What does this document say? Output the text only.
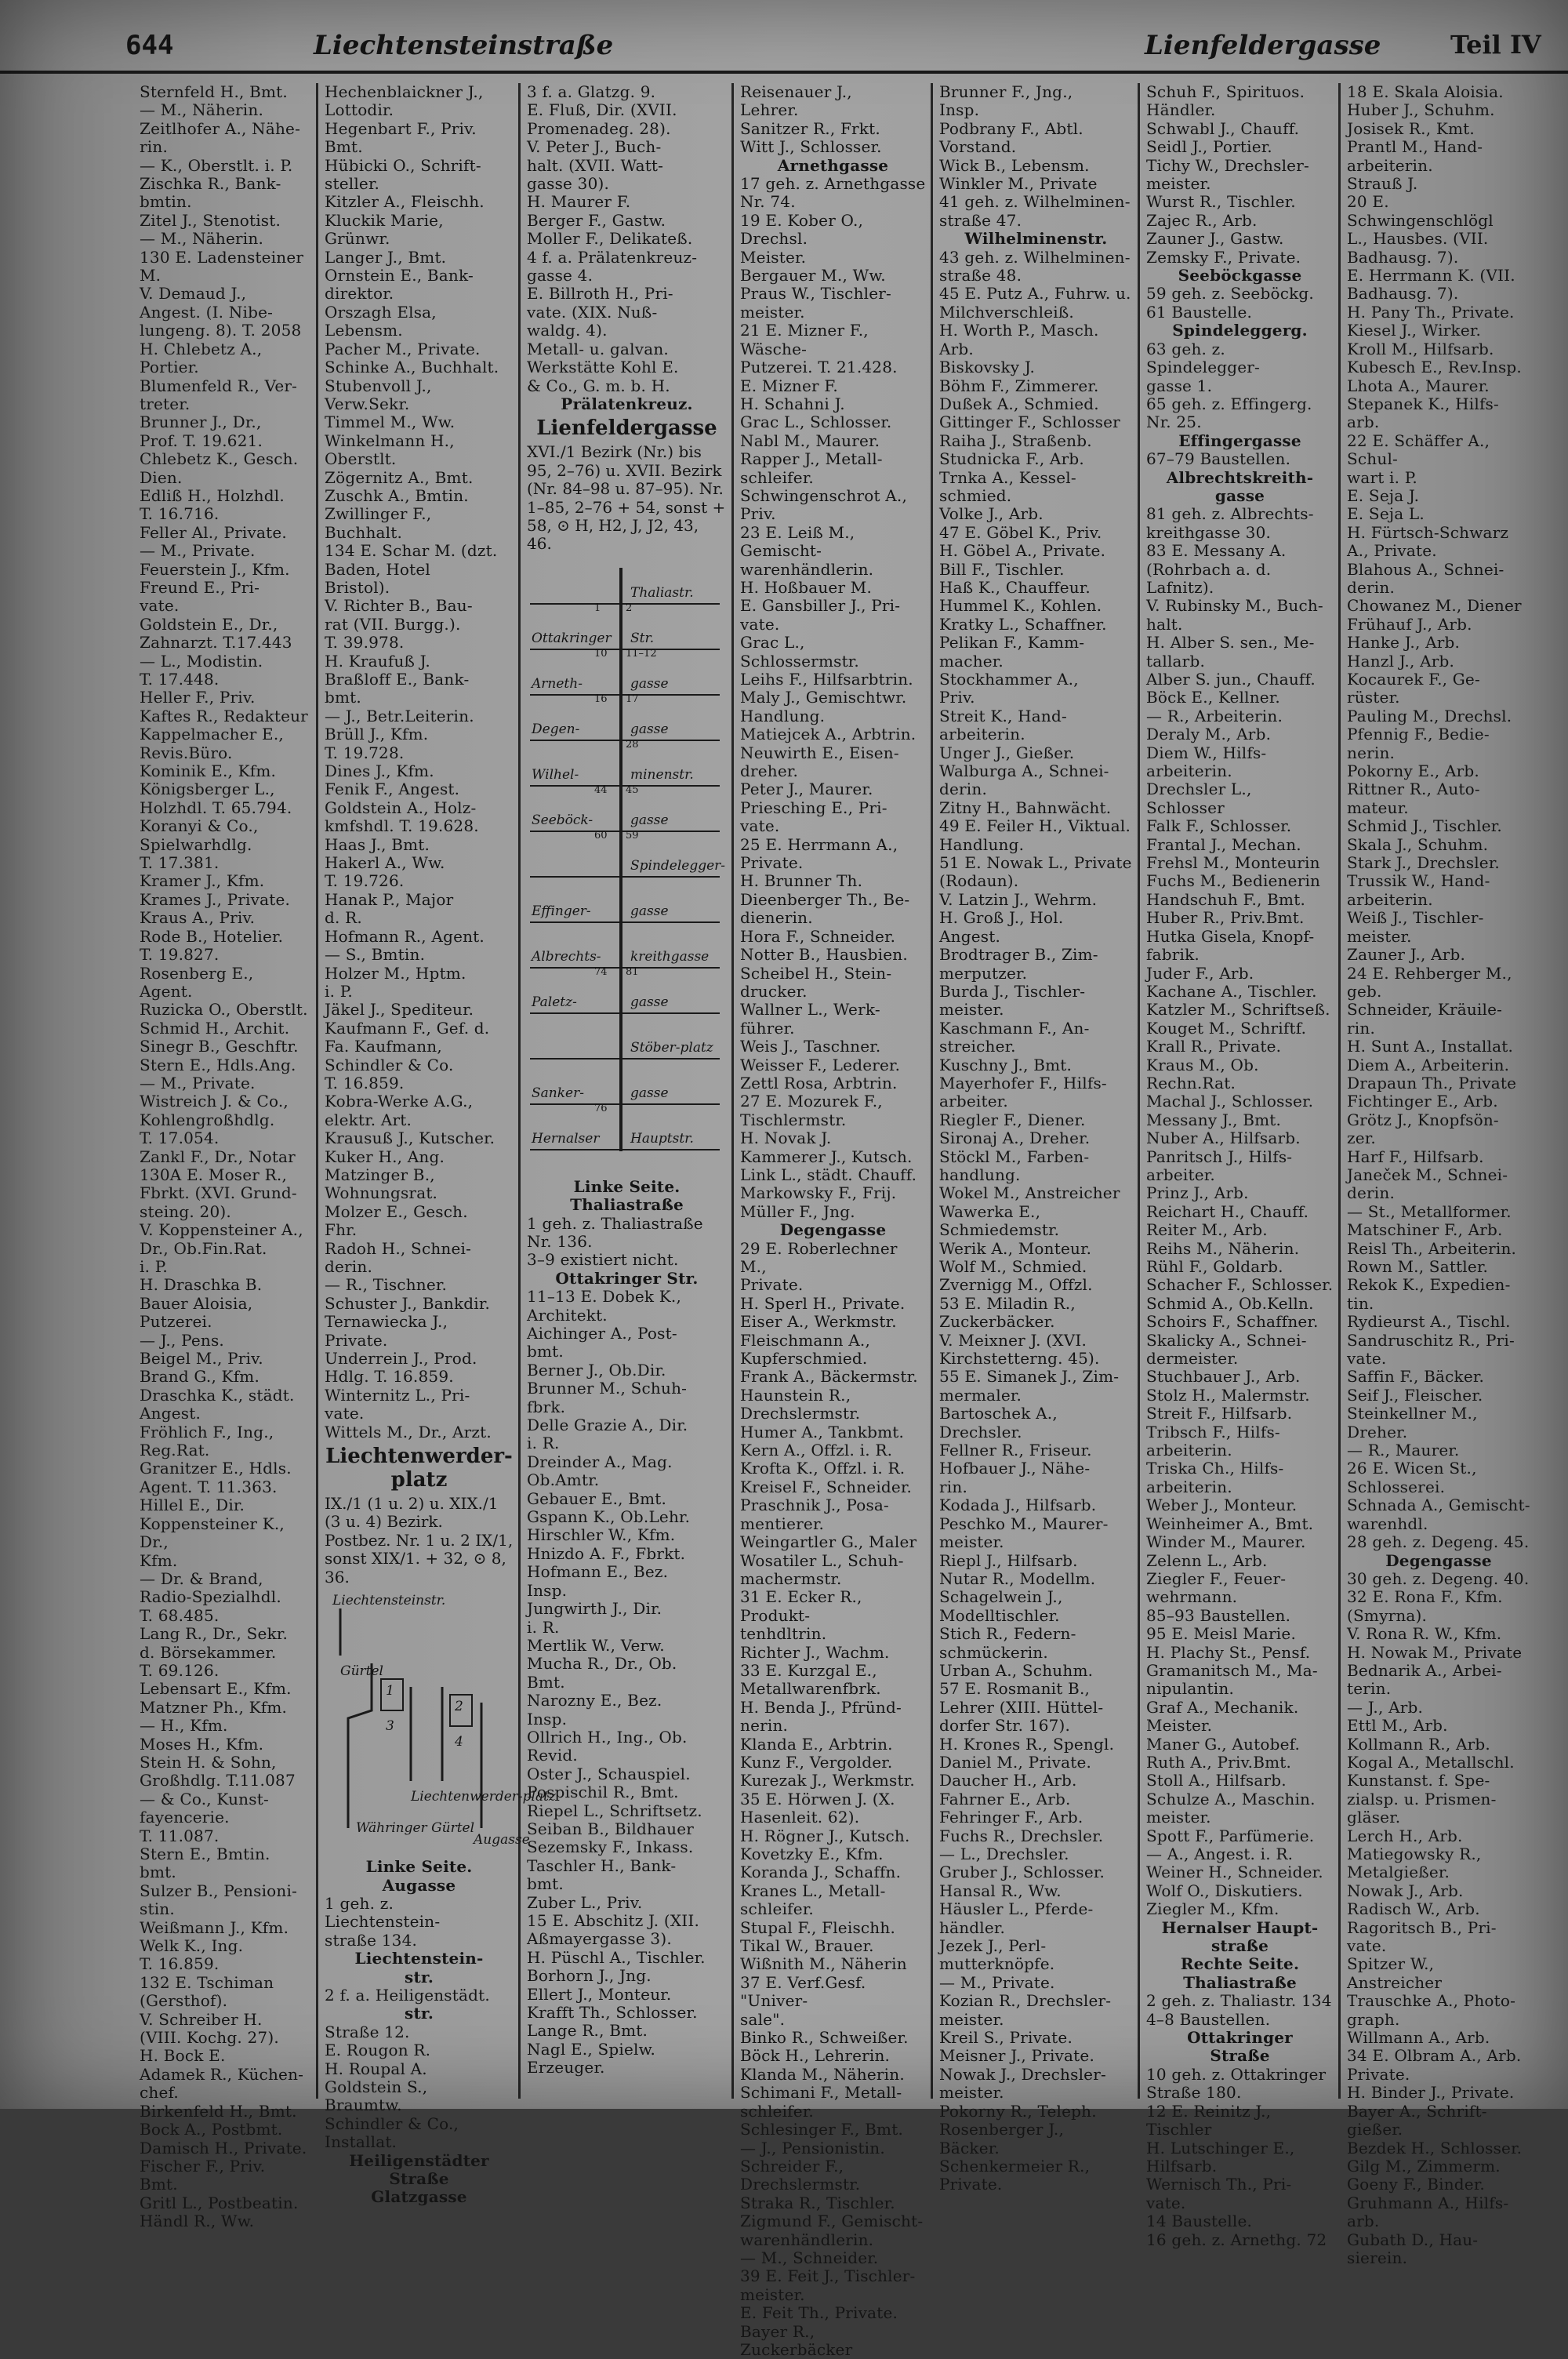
644	Liechtensteinstraße	Lienfeldergasse	Teil IV

Sternfeld H., Bmt.

— M., Näherin.

Zeitlhofer A., Nähe-

rin.

— K., Oberstlt. i. P.

Zischka R., Bank-

bmtin.

Zitel J., Stenotist.

— M., Näherin.

130 E. Ladensteiner M.

V. Demaud J.,

Angest. (I. Nibe-

lungeng. 8). T. 2058

H. Chlebetz A.,

Portier.

Blumenfeld R., Ver-

treter.

Brunner J., Dr.,

Prof. T. 19.621.

Chlebetz K., Gesch.

Dien.

Edliß H., Holzhdl.

T. 16.716.

Feller Al., Private.

— M., Private.

Feuerstein J., Kfm.

Freund E., Pri-

vate.

Goldstein E., Dr.,

Zahnarzt. T.17.443

— L., Modistin.

T. 17.448.

Heller F., Priv.

Kaftes R., Redakteur

Kappelmacher E.,

Revis.Büro.

Kominik E., Kfm.

Königsberger L.,

Holzhdl. T. 65.794.

Koranyi & Co.,

Spielwarhdlg.

T. 17.381.

Kramer J., Kfm.

Krames J., Private.

Kraus A., Priv.

Rode B., Hotelier.

T. 19.827.

Rosenberg E., Agent.

Ruzicka O., Oberstlt.

Schmid H., Archit.

Sinegr B., Geschftr.

Stern E., Hdls.Ang.

— M., Private.

Wistreich J. & Co.,

Kohlengroßhdlg.

T. 17.054.

Zankl F., Dr., Notar

130A E. Moser R.,

Fbrkt. (XVI. Grund-

steing. 20).

V. Koppensteiner A.,

Dr., Ob.Fin.Rat.

i. P.

H. Draschka B.

Bauer Aloisia,

Putzerei.

— J., Pens.

Beigel M., Priv.

Brand G., Kfm.

Draschka K., städt.

Angest.

Fröhlich F., Ing.,

Reg.Rat.

Granitzer E., Hdls.

Agent. T. 11.363.

Hillel E., Dir.

Koppensteiner K., Dr.,

Kfm.

— Dr. & Brand,

Radio-Spezialhdl.

T. 68.485.

Lang R., Dr., Sekr.

d. Börsekammer.

T. 69.126.

Lebensart E., Kfm.

Matzner Ph., Kfm.

— H., Kfm.

Moses H., Kfm.

Stein H. & Sohn,

Großhdlg. T.11.087

— & Co., Kunst-

fayencerie.

T. 11.087.

Stern E., Bmtin.

bmt.

Sulzer B., Pensioni-

stin.

Weißmann J., Kfm.

Welk K., Ing.

T. 16.859.

132 E. Tschiman

(Gersthof).

V. Schreiber H.

(VIII. Kochg. 27).

H. Bock E.

Adamek R., Küchen-

chef.

Birkenfeld H., Bmt.

Bock A., Postbmt.

Damisch H., Private.

Fischer F., Priv.

Bmt.

Gritl L., Postbeatin.

Händl R., Ww.

Hechenblaickner J.,

Lottodir.

Hegenbart F., Priv.

Bmt.

Hübicki O., Schrift-

steller.

Kitzler A., Fleischh.

Kluckik Marie,

Grünwr.

Langer J., Bmt.

Ornstein E., Bank-

direktor.

Orszagh Elsa,

Lebensm.

Pacher M., Private.

Schinke A., Buchhalt.

Stubenvoll J.,

Verw.Sekr.

Timmel M., Ww.

Winkelmann H.,

Oberstlt.

Zögernitz A., Bmt.

Zuschk A., Bmtin.

Zwillinger F.,

Buchhalt.

134 E. Schar M. (dzt.

Baden, Hotel

Bristol).

V. Richter B., Bau-

rat (VII. Burgg.).

T. 39.978.

H. Kraufuß J.

Braßloff E., Bank-

bmt.

— J., Betr.Leiterin.

Brüll J., Kfm.

T. 19.728.

Dines J., Kfm.

Fenik F., Angest.

Goldstein A., Holz-

kmfshdl. T. 19.628.

Haas J., Bmt.

Hakerl A., Ww.

T. 19.726.

Hanak P., Major

d. R.

Hofmann R., Agent.

— S., Bmtin.

Holzer M., Hptm.

i. P.

Jäkel J., Spediteur.

Kaufmann F., Gef. d.

Fa. Kaufmann,

Schindler & Co.

T. 16.859.

Kobra-Werke A.G.,

elektr. Art.

Krausuß J., Kutscher.

Kuker H., Ang.

Matzinger B.,

Wohnungsrat.

Molzer E., Gesch.

Fhr.

Radoh H., Schnei-

derin.

— R., Tischner.

Schuster J., Bankdir.

Ternawiecka J.,

Private.

Underrein J., Prod.

Hdlg. T. 16.859.

Winternitz L., Pri-

vate.

Wittels M., Dr., Arzt.

Liechtenwerder-platz
IX./1 (1 u. 2) u. XIX./1 (3 u. 4) Bezirk. Postbez. Nr. 1 u. 2 IX/1, sonst XIX/1. + 32, ⊙ 8, 36.
Liechtensteinstr.
Gürtel
Währinger Gürtel
Liechtenwerder-platz
Augasse
1
2
3
4

Linke Seite.

Augasse

1 geh. z. Liechtenstein-

straße 134.

Liechtenstein-

str.

2 f. a. Heiligenstädt.

str.

Straße 12.

E. Rougon R.

H. Roupal A.

Goldstein S.,

Braumtw.

Schindler & Co.,

Installat.

Heiligenstädter

Straße

Glatzgasse

3 f. a. Glatzg. 9.

E. Fluß, Dir. (XVII.

Promenadeg. 28).

V. Peter J., Buch-

halt. (XVII. Watt-

gasse 30).

H. Maurer F.

Berger F., Gastw.

Moller F., Delikateß.

4 f. a. Prälatenkreuz-

gasse 4.

E. Billroth H., Pri-

vate. (XIX. Nuß-

waldg. 4).

Metall- u. galvan.

Werkstätte Kohl E.

& Co., G. m. b. H.

Prälatenkreuz.

Lienfeldergasse
XVI./1 Bezirk (Nr.) bis 95, 2–76) u. XVII. Bezirk (Nr. 84–98 u. 87–95). Nr. 1–85, 2–76 + 54, sonst + 58, ⊙ H, H2, J, J2, 43, 46.
Thaliastr.
1 2
Ottakringer Str.
10 11–12
Arneth-	gasse
16 17
Degen-	gasse
28
Wilhel-	minenstr.
44 45
Seeböck-	gasse
60 59
Spindelegger-
Effinger-	gasse
Albrechts- kreithgasse
74 81
Paletz-	gasse
Stöber-platz
Sanker-	gasse
76
Hernalser Hauptstr.

Linke Seite.

Thaliastraße

1 geh. z. Thaliastraße

Nr. 136.

3–9 existiert nicht.

Ottakringer Str.

11–13 E. Dobek K.,

Architekt.

Aichinger A., Post-

bmt.

Berner J., Ob.Dir.

Brunner M., Schuh-

fbrk.

Delle Grazie A., Dir.

i. R.

Dreinder A., Mag.

Ob.Amtr.

Gebauer E., Bmt.

Gspann K., Ob.Lehr.

Hirschler W., Kfm.

Hnizdo A. F., Fbrkt.

Hofmann E., Bez.

Insp.

Jungwirth J., Dir.

i. R.

Mertlik W., Verw.

Mucha R., Dr., Ob.

Bmt.

Narozny E., Bez.

Insp.

Ollrich H., Ing., Ob.

Revid.

Oster J., Schauspiel.

Pospischil R., Bmt.

Riepel L., Schriftsetz.

Seiban B., Bildhauer

Sezemsky F., Inkass.

Taschler H., Bank-

bmt.

Zuber L., Priv.

15 E. Abschitz J. (XII.

Aßmayergasse 3).

H. Püschl A., Tischler.

Borhorn J., Jng.

Ellert J., Monteur.

Krafft Th., Schlosser.

Lange R., Bmt.

Nagl E., Spielw.

Erzeuger.

Reisenauer J.,

Lehrer.

Sanitzer R., Frkt.

Witt J., Schlosser.

Arnethgasse

17 geh. z. Arnethgasse

Nr. 74.

19 E. Kober O., Drechsl.

Meister.

Bergauer M., Ww.

Praus W., Tischler-

meister.

21 E. Mizner F., Wäsche-

Putzerei. T. 21.428.

E. Mizner F.

H. Schahni J.

Grac L., Schlosser.

Nabl M., Maurer.

Rapper J., Metall-

schleifer.

Schwingenschrot A.,

Priv.

23 E. Leiß M., Gemischt-

warenhändlerin.

H. Hoßbauer M.

E. Gansbiller J., Pri-

vate.

Grac L., Schlossermstr.

Leihs F., Hilfsarbtrin.

Maly J., Gemischtwr.

Handlung.

Matiejcek A., Arbtrin.

Neuwirth E., Eisen-

dreher.

Peter J., Maurer.

Priesching E., Pri-

vate.

25 E. Herrmann A.,

Private.

H. Brunner Th.

Dieenberger Th., Be-

dienerin.

Hora F., Schneider.

Notter B., Hausbien.

Scheibel H., Stein-

drucker.

Wallner L., Werk-

führer.

Weis J., Taschner.

Weisser F., Lederer.

Zettl Rosa, Arbtrin.

27 E. Mozurek F.,

Tischlermstr.

H. Novak J.

Kammerer J., Kutsch.

Link L., städt. Chauff.

Markowsky F., Frij.

Müller F., Jng.

Degengasse

29 E. Roberlechner M.,

Private.

H. Sperl H., Private.

Eiser A., Werkmstr.

Fleischmann A.,

Kupferschmied.

Frank A., Bäckermstr.

Haunstein R.,

Drechslermstr.

Humer A., Tankbmt.

Kern A., Offzl. i. R.

Krofta K., Offzl. i. R.

Kreisel F., Schneider.

Praschnik J., Posa-

mentierer.

Weingartler G., Maler

Wosatiler L., Schuh-

machermstr.

31 E. Ecker R., Produkt-

tenhdltrin.

Richter J., Wachm.

33 E. Kurzgal E.,

Metallwarenfbrk.

H. Benda J., Pfründ-

nerin.

Klanda E., Arbtrin.

Kunz F., Vergolder.

Kurezak J., Werkmstr.

35 E. Hörwen J. (X.

Hasenleit. 62).

H. Rögner J., Kutsch.

Kovetzky E., Kfm.

Koranda J., Schaffn.

Kranes L., Metall-

schleifer.

Stupal F., Fleischh.

Tikal W., Brauer.

Wißnith M., Näherin

37 E. Verf.Gesf. "Univer-

sale".

Binko R., Schweißer.

Böck H., Lehrerin.

Klanda M., Näherin.

Schimani F., Metall-

schleifer.

Schlesinger F., Bmt.

— J., Pensionistin.

Schreider F.,

Drechslermstr.

Straka R., Tischler.

Zigmund F., Gemischt-

warenhändlerin.

— M., Schneider.

39 E. Feit J., Tischler-

meister.

E. Feit Th., Private.

Bayer R., Zuckerbäcker

Brunner F., Jng.,

Insp.

Podbrany F., Abtl.

Vorstand.

Wick B., Lebensm.

Winkler M., Private

41 geh. z. Wilhelminen-

straße 47.

Wilhelminenstr.

43 geh. z. Wilhelminen-

straße 48.

45 E. Putz A., Fuhrw. u.

Milchverschleiß.

H. Worth P., Masch.

Arb.

Biskovsky J.

Böhm F., Zimmerer.

Dußek A., Schmied.

Gittinger F., Schlosser

Raiha J., Straßenb.

Studnicka F., Arb.

Trnka A., Kessel-

schmied.

Volke J., Arb.

47 E. Göbel K., Priv.

H. Göbel A., Private.

Bill F., Tischler.

Haß K., Chauffeur.

Hummel K., Kohlen.

Kratky L., Schaffner.

Pelikan F., Kamm-

macher.

Stockhammer A.,

Priv.

Streit K., Hand-

arbeiterin.

Unger J., Gießer.

Walburga A., Schnei-

derin.

Zitny H., Bahnwächt.

49 E. Feiler H., Viktual.

Handlung.

51 E. Nowak L., Private

(Rodaun).

V. Latzin J., Wehrm.

H. Groß J., Hol.

Angest.

Brodtrager B., Zim-

merputzer.

Burda J., Tischler-

meister.

Kaschmann F., An-

streicher.

Kuschny J., Bmt.

Mayerhofer F., Hilfs-

arbeiter.

Riegler F., Diener.

Sironaj A., Dreher.

Stöckl M., Farben-

handlung.

Wokel M., Anstreicher

Wawerka E.,

Schmiedemstr.

Werik A., Monteur.

Wolf M., Schmied.

Zvernigg M., Offzl.

53 E. Miladin R.,

Zuckerbäcker.

V. Meixner J. (XVI.

Kirchstetterng. 45).

55 E. Simanek J., Zim-

mermaler.

Bartoschek A.,

Drechsler.

Fellner R., Friseur.

Hofbauer J., Nähe-

rin.

Kodada J., Hilfsarb.

Peschko M., Maurer-

meister.

Riepl J., Hilfsarb.

Nutar R., Modellm.

Schagelwein J.,

Modelltischler.

Stich R., Federn-

schmückerin.

Urban A., Schuhm.

57 E. Rosmanit B.,

Lehrer (XIII. Hüttel-

dorfer Str. 167).

H. Krones R., Spengl.

Daniel M., Private.

Daucher H., Arb.

Fahrner E., Arb.

Fehringer F., Arb.

Fuchs R., Drechsler.

— L., Drechsler.

Gruber J., Schlosser.

Hansal R., Ww.

Häusler L., Pferde-

händler.

Jezek J., Perl-

mutterknöpfe.

— M., Private.

Kozian R., Drechsler-

meister.

Kreil S., Private.

Meisner J., Private.

Nowak J., Drechsler-

meister.

Pokorny R., Teleph.

Rosenberger J.,

Bäcker.

Schenkermeier R.,

Private.

Schuh F., Spirituos.

Händler.

Schwabl J., Chauff.

Seidl J., Portier.

Tichy W., Drechsler-

meister.

Wurst R., Tischler.

Zajec R., Arb.

Zauner J., Gastw.

Zemsky F., Private.

Seeböckgasse

59 geh. z. Seeböckg.

61 Baustelle.

Spindeleggerg.

63 geh. z. Spindelegger-

gasse 1.

65 geh. z. Effingerg.

Nr. 25.

Effingergasse

67–79 Baustellen.

Albrechtskreith-

gasse

81 geh. z. Albrechts-

kreithgasse 30.

83 E. Messany A.

(Rohrbach a. d.

Lafnitz).

V. Rubinsky M., Buch-

halt.

H. Alber S. sen., Me-

tallarb.

Alber S. jun., Chauff.

Böck E., Kellner.

— R., Arbeiterin.

Deraly M., Arb.

Diem W., Hilfs-

arbeiterin.

Drechsler L., Schlosser

Falk F., Schlosser.

Frantal J., Mechan.

Frehsl M., Monteurin

Fuchs M., Bedienerin

Handschuh F., Bmt.

Huber R., Priv.Bmt.

Hutka Gisela, Knopf-

fabrik.

Juder F., Arb.

Kachane A., Tischler.

Katzler M., Schriftseß.

Kouget M., Schriftf.

Krall R., Private.

Kraus M., Ob.

Rechn.Rat.

Machal J., Schlosser.

Messany J., Bmt.

Nuber A., Hilfsarb.

Panritsch J., Hilfs-

arbeiter.

Prinz J., Arb.

Reichart H., Chauff.

Reiter M., Arb.

Reihs M., Näherin.

Rühl F., Goldarb.

Schacher F., Schlosser.

Schmid A., Ob.Kelln.

Schoirs F., Schaffner.

Skalicky A., Schnei-

dermeister.

Stuchbauer J., Arb.

Stolz H., Malermstr.

Streit F., Hilfsarb.

Tribsch F., Hilfs-

arbeiterin.

Triska Ch., Hilfs-

arbeiterin.

Weber J., Monteur.

Weinheimer A., Bmt.

Winder M., Maurer.

Zelenn L., Arb.

Ziegler F., Feuer-

wehrmann.

85–93 Baustellen.

95 E. Meisl Marie.

H. Plachy St., Pensf.

Gramanitsch M., Ma-

nipulantin.

Graf A., Mechanik.

Meister.

Maner G., Autobef.

Ruth A., Priv.Bmt.

Stoll A., Hilfsarb.

Schulze A., Maschin.

meister.

Spott F., Parfümerie.

— A., Angest. i. R.

Weiner H., Schneider.

Wolf O., Diskutiers.

Ziegler M., Kfm.

Hernalser Haupt-

straße

Rechte Seite.

Thaliastraße

2 geh. z. Thaliastr. 134

4–8 Baustellen.

Ottakringer

Straße

10 geh. z. Ottakringer

Straße 180.

12 E. Reinitz J., Tischler

H. Lutschinger E.,

Hilfsarb.

Wernisch Th., Pri-

vate.

14 Baustelle.

16 geh. z. Arnethg. 72

18 E. Skala Aloisia.

Huber J., Schuhm.

Josisek R., Kmt.

Prantl M., Hand-

arbeiterin.

Strauß J.

20 E. Schwingenschlögl

L., Hausbes. (VII.

Badhausg. 7).

E. Herrmann K. (VII.

Badhausg. 7).

H. Pany Th., Private.

Kiesel J., Wirker.

Kroll M., Hilfsarb.

Kubesch E., Rev.Insp.

Lhota A., Maurer.

Stepanek K., Hilfs-

arb.

22 E. Schäffer A., Schul-

wart i. P.

E. Seja J.

E. Seja L.

H. Fürtsch-Schwarz

A., Private.

Blahous A., Schnei-

derin.

Chowanez M., Diener

Frühauf J., Arb.

Hanke J., Arb.

Hanzl J., Arb.

Kocaurek F., Ge-

rüster.

Pauling M., Drechsl.

Pfennig F., Bedie-

nerin.

Pokorny E., Arb.

Rittner R., Auto-

mateur.

Schmid J., Tischler.

Skala J., Schuhm.

Stark J., Drechsler.

Trussik W., Hand-

arbeiterin.

Weiß J., Tischler-

meister.

Zauner J., Arb.

24 E. Rehberger M., geb.

Schneider, Kräuile-

rin.

H. Sunt A., Installat.

Diem A., Arbeiterin.

Drapaun Th., Private

Fichtinger E., Arb.

Grötz J., Knopfsön-

zer.

Harf F., Hilfsarb.

Janeček M., Schnei-

derin.

— St., Metallformer.

Matschiner F., Arb.

Reisl Th., Arbeiterin.

Rown M., Sattler.

Rekok K., Expedien-

tin.

Rydieurst A., Tischl.

Sandruschitz R., Pri-

vate.

Saffin F., Bäcker.

Seif J., Fleischer.

Steinkellner M.,

Dreher.

— R., Maurer.

26 E. Wicen St.,

Schlosserei.

Schnada A., Gemischt-

warenhdl.

28 geh. z. Degeng. 45.

Degengasse

30 geh. z. Degeng. 40.

32 E. Rona F., Kfm.

(Smyrna).

V. Rona R. W., Kfm.

H. Nowak M., Private

Bednarik A., Arbei-

terin.

— J., Arb.

Ettl M., Arb.

Kollmann R., Arb.

Kogal A., Metallschl.

Kunstanst. f. Spe-

zialsp. u. Prismen-

gläser.

Lerch H., Arb.

Matiegowsky R.,

Metalgießer.

Nowak J., Arb.

Radisch W., Arb.

Ragoritsch B., Pri-

vate.

Spitzer W., Anstreicher

Trauschke A., Photo-

graph.

Willmann A., Arb.

34 E. Olbram A., Arb.

Private.

H. Binder J., Private.

Bayer A., Schrift-

gießer.

Bezdek H., Schlosser.

Gilg M., Zimmerm.

Goeny F., Binder.

Gruhmann A., Hilfs-

arb.

Gubath D., Hau-

sierein.
